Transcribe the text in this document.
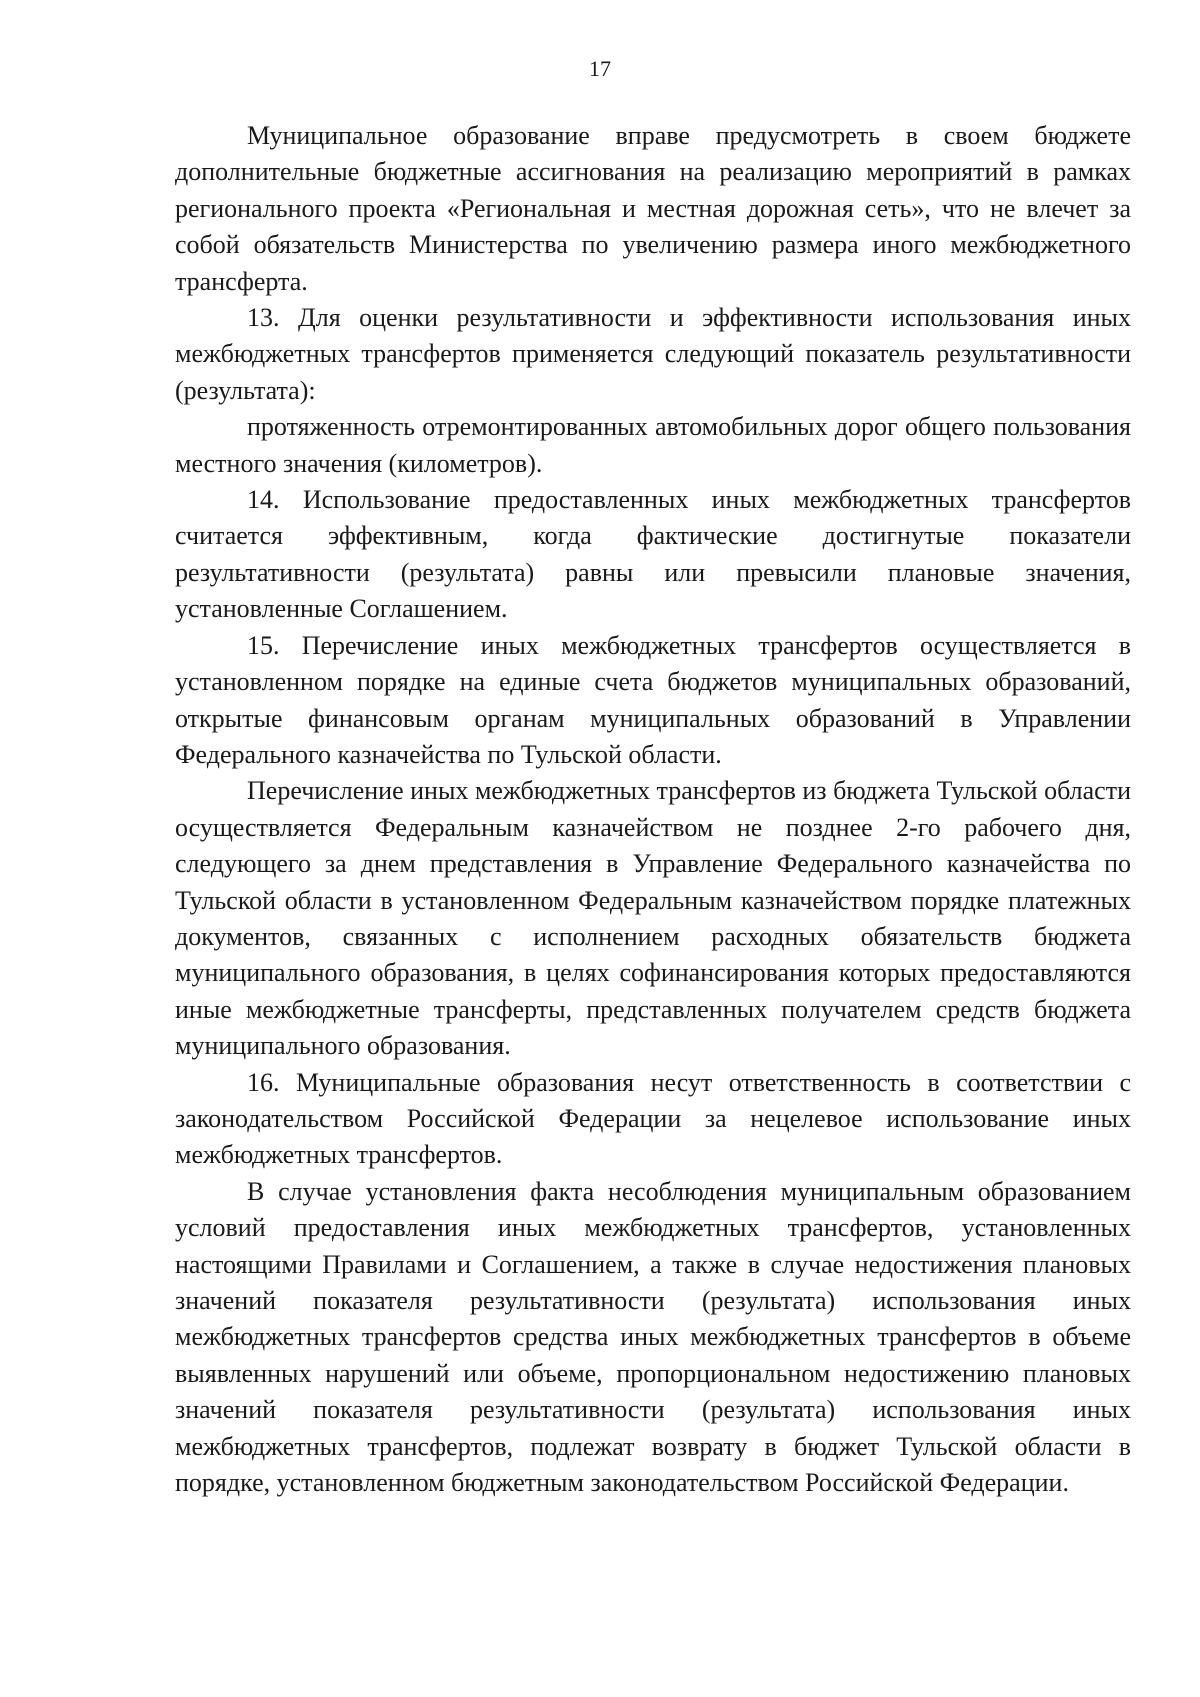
17

Муниципальное образование вправе предусмотреть в своем бюджете дополнительные бюджетные ассигнования на реализацию мероприятий в рамках регионального проекта «Региональная и местная дорожная сеть», что не влечет за собой обязательств Министерства по увеличению размера иного межбюджетного трансферта.

13. Для оценки результативности и эффективности использования иных межбюджетных трансфертов применяется следующий показатель результативности (результата):

протяженность отремонтированных автомобильных дорог общего пользования местного значения (километров).

14. Использование предоставленных иных межбюджетных трансфертов считается эффективным, когда фактические достигнутые показатели результативности (результата) равны или превысили плановые значения, установленные Соглашением.

15. Перечисление иных межбюджетных трансфертов осуществляется в установленном порядке на единые счета бюджетов муниципальных образований, открытые финансовым органам муниципальных образований в Управлении Федерального казначейства по Тульской области.

Перечисление иных межбюджетных трансфертов из бюджета Тульской области осуществляется Федеральным казначейством не позднее 2-го рабочего дня, следующего за днем представления в Управление Федерального казначейства по Тульской области в установленном Федеральным казначейством порядке платежных документов, связанных с исполнением расходных обязательств бюджета муниципального образования, в целях софинансирования которых предоставляются иные межбюджетные трансферты, представленных получателем средств бюджета муниципального образования.

16. Муниципальные образования несут ответственность в соответствии с законодательством Российской Федерации за нецелевое использование иных межбюджетных трансфертов.

В случае установления факта несоблюдения муниципальным образованием условий предоставления иных межбюджетных трансфертов, установленных настоящими Правилами и Соглашением, а также в случае недостижения плановых значений показателя результативности (результата) использования иных межбюджетных трансфертов средства иных межбюджетных трансфертов в объеме выявленных нарушений или объеме, пропорциональном недостижению плановых значений показателя результативности (результата) использования иных межбюджетных трансфертов, подлежат возврату в бюджет Тульской области в порядке, установленном бюджетным законодательством Российской Федерации.
